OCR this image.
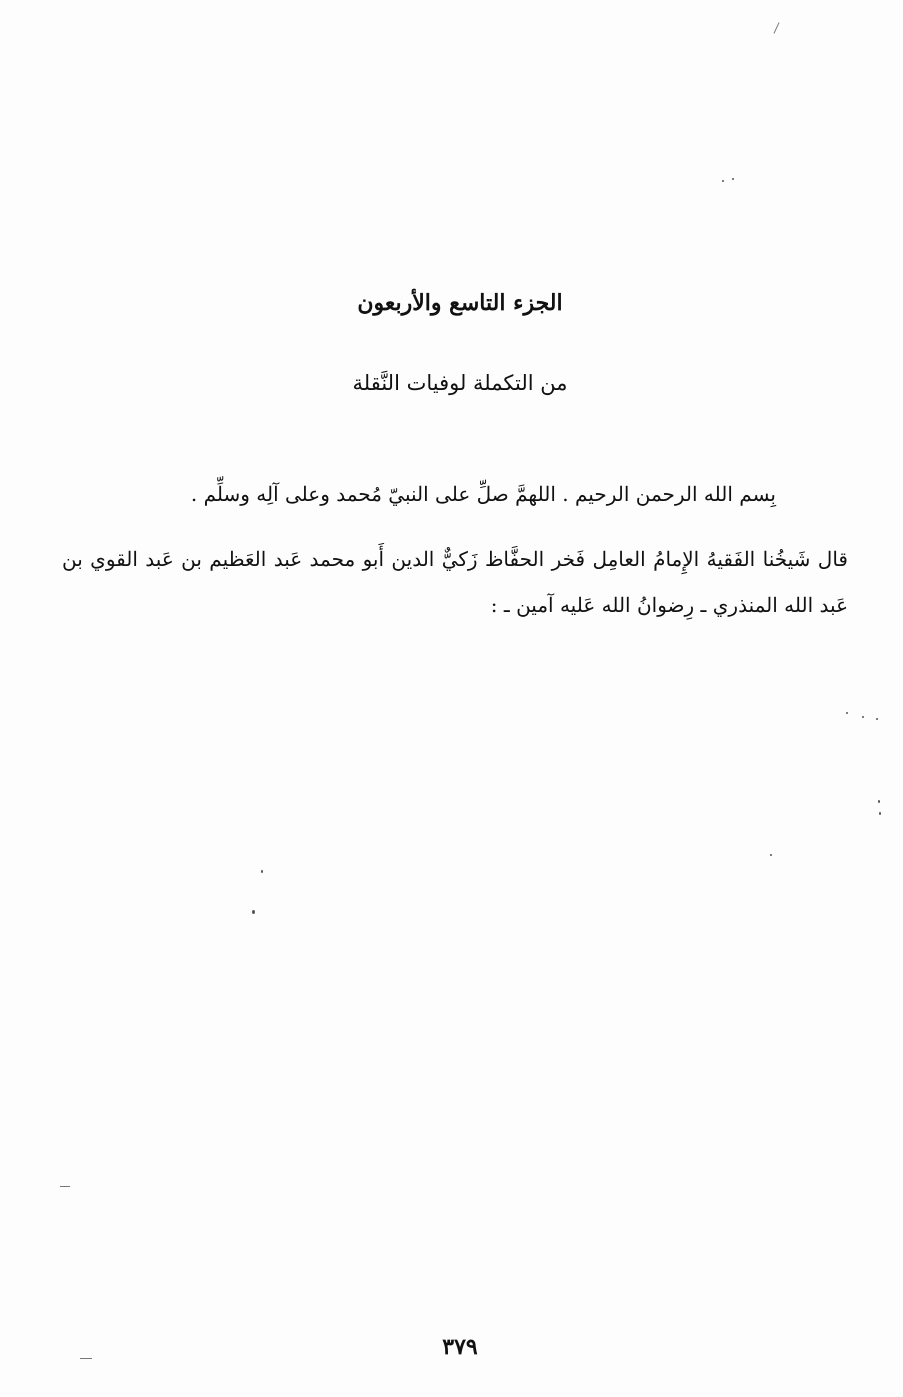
الجزء التاسع والأربعون
من التكملة لوفيات النَّقلة
بِسم الله الرحمن الرحيم . اللهمَّ صلِّ على النبيّ مُحمد وعلى آلِه وسلِّم .
قال شَيخُنا الفَقيهُ الإِمامُ العامِل فَخر الحفَّاظ زَكيٌّ الدين أَبو محمد عَبد العَظيم بن عَبد القوي بن عَبد الله المنذري ـ رِضوانُ الله عَليه آمين ـ :
٣٧٩
